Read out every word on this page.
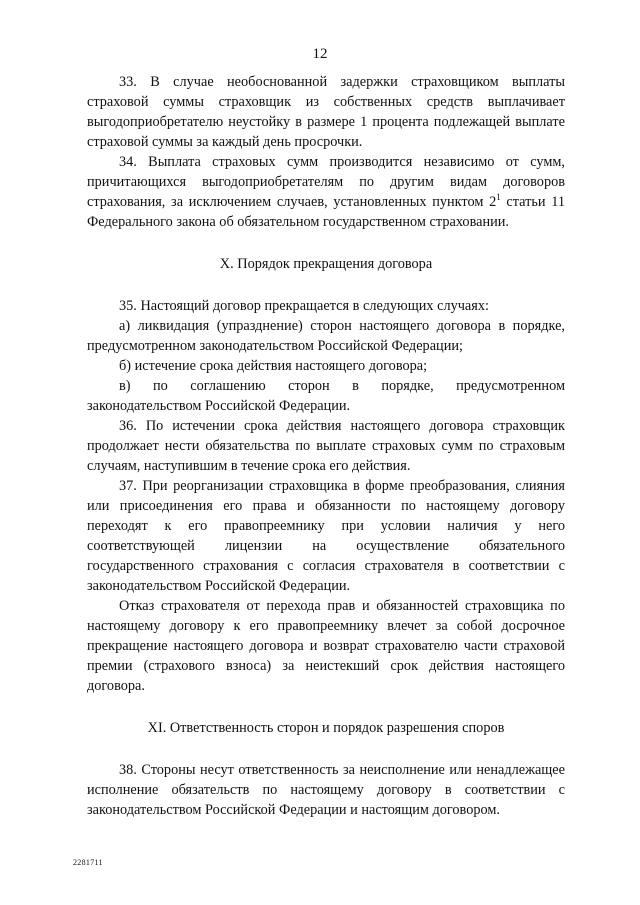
12

33. В случае необоснованной задержки страховщиком выплаты страховой суммы страховщик из собственных средств выплачивает выгодоприобретателю неустойку в размере 1 процента подлежащей выплате страховой суммы за каждый день просрочки.

34. Выплата страховых сумм производится независимо от сумм, причитающихся выгодоприобретателям по другим видам договоров страхования, за исключением случаев, установленных пунктом $2^1$ статьи 11 Федерального закона об обязательном государственном страховании.

X. Порядок прекращения договора

35. Настоящий договор прекращается в следующих случаях:

а) ликвидация (упразднение) сторон настоящего договора в порядке, предусмотренном законодательством Российской Федерации;

б) истечение срока действия настоящего договора;

в) по соглашению сторон в порядке, предусмотренном законодательством Российской Федерации.

36. По истечении срока действия настоящего договора страховщик продолжает нести обязательства по выплате страховых сумм по страховым случаям, наступившим в течение срока его действия.

37. При реорганизации страховщика в форме преобразования, слияния или присоединения его права и обязанности по настоящему договору переходят к его правопреемнику при условии наличия у него соответствующей лицензии на осуществление обязательного государственного страхования с согласия страхователя в соответствии с законодательством Российской Федерации.

Отказ страхователя от перехода прав и обязанностей страховщика по настоящему договору к его правопреемнику влечет за собой досрочное прекращение настоящего договора и возврат страхователю части страховой премии (страхового взноса) за неистекший срок действия настоящего договора.

XI. Ответственность сторон и порядок разрешения споров

38. Стороны несут ответственность за неисполнение или ненадлежащее исполнение обязательств по настоящему договору в соответствии с законодательством Российской Федерации и настоящим договором.

2281711
